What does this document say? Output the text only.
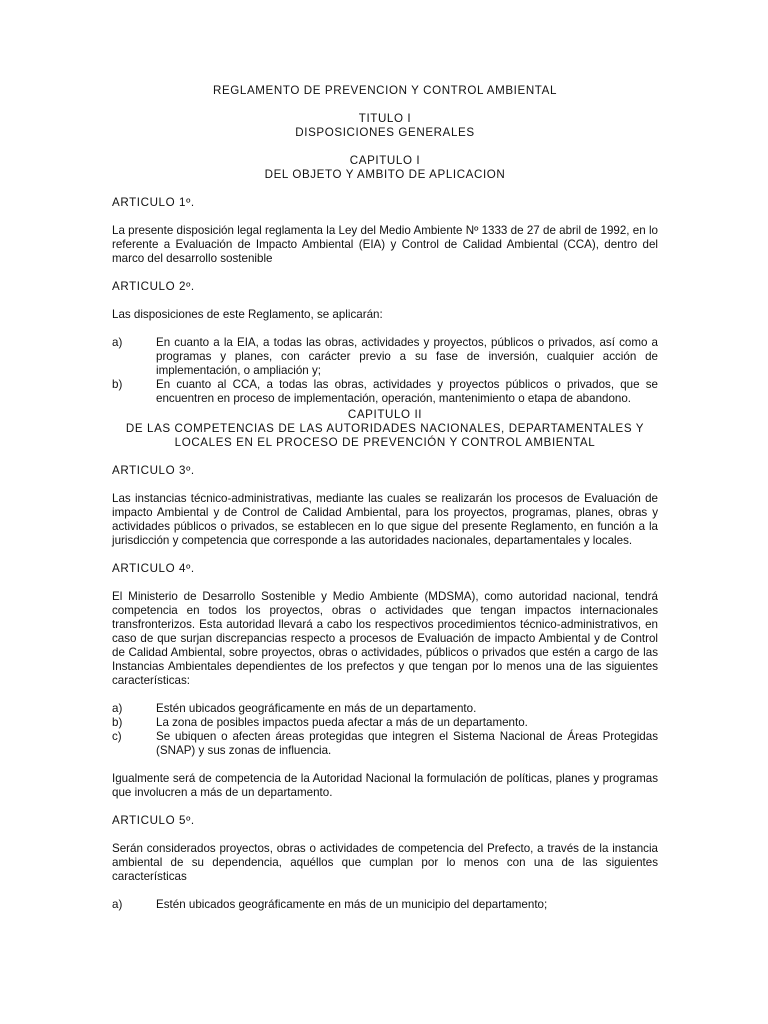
REGLAMENTO DE PREVENCION Y CONTROL AMBIENTAL
TITULO I
DISPOSICIONES GENERALES
CAPITULO I
DEL OBJETO Y AMBITO DE APLICACION
ARTICULO 1º.

La presente disposición legal reglamenta la Ley del Medio Ambiente Nº 1333 de 27 de abril de 1992, en lo referente a Evaluación de Impacto Ambiental (EIA) y Control de Calidad Ambiental (CCA), dentro del marco del desarrollo sostenible

ARTICULO 2º.

Las disposiciones de este Reglamento, se aplicarán:

a)	En cuanto a la EIA, a todas las obras, actividades y proyectos, públicos o privados, así como a programas y planes, con carácter previo a su fase de inversión, cualquier acción de implementación, o ampliación y;
b)	En cuanto al CCA, a todas las obras, actividades y proyectos públicos o privados, que se encuentren en proceso de implementación, operación, mantenimiento o etapa de abandono.
CAPITULO II
DE LAS COMPETENCIAS DE LAS AUTORIDADES NACIONALES, DEPARTAMENTALES Y LOCALES EN EL PROCESO DE PREVENCIÓN Y CONTROL AMBIENTAL
ARTICULO 3º.

Las instancias técnico-administrativas, mediante las cuales se realizarán los procesos de Evaluación de impacto Ambiental y de Control de Calidad Ambiental, para los proyectos, programas, planes, obras y actividades públicos o privados, se establecen en lo que sigue del presente Reglamento, en función a la jurisdicción y competencia que corresponde a las autoridades nacionales, departamentales y locales.

ARTICULO 4º.

El Ministerio de Desarrollo Sostenible y Medio Ambiente (MDSMA), como autoridad nacional, tendrá competencia en todos los proyectos, obras o actividades que tengan impactos internacionales transfronterizos. Esta autoridad llevará a cabo los respectivos procedimientos técnico-administrativos, en caso de que surjan discrepancias respecto a procesos de Evaluación de impacto Ambiental y de Control de Calidad Ambiental, sobre proyectos, obras o actividades, públicos o privados que estén a cargo de las Instancias Ambientales dependientes de los prefectos y que tengan por lo menos una de las siguientes características:

a)	Estén ubicados geográficamente en más de un departamento.
b)	La zona de posibles impactos pueda afectar a más de un departamento.
c)	Se ubiquen o afecten áreas protegidas que integren el Sistema Nacional de Áreas Protegidas (SNAP) y sus zonas de influencia.

Igualmente será de competencia de la Autoridad Nacional la formulación de políticas, planes y programas que involucren a más de un departamento.

ARTICULO 5º.

Serán considerados proyectos, obras o actividades de competencia del Prefecto, a través de la instancia ambiental de su dependencia, aquéllos que cumplan por lo menos con una de las siguientes características

a)	Estén ubicados geográficamente en más de un municipio del departamento;
